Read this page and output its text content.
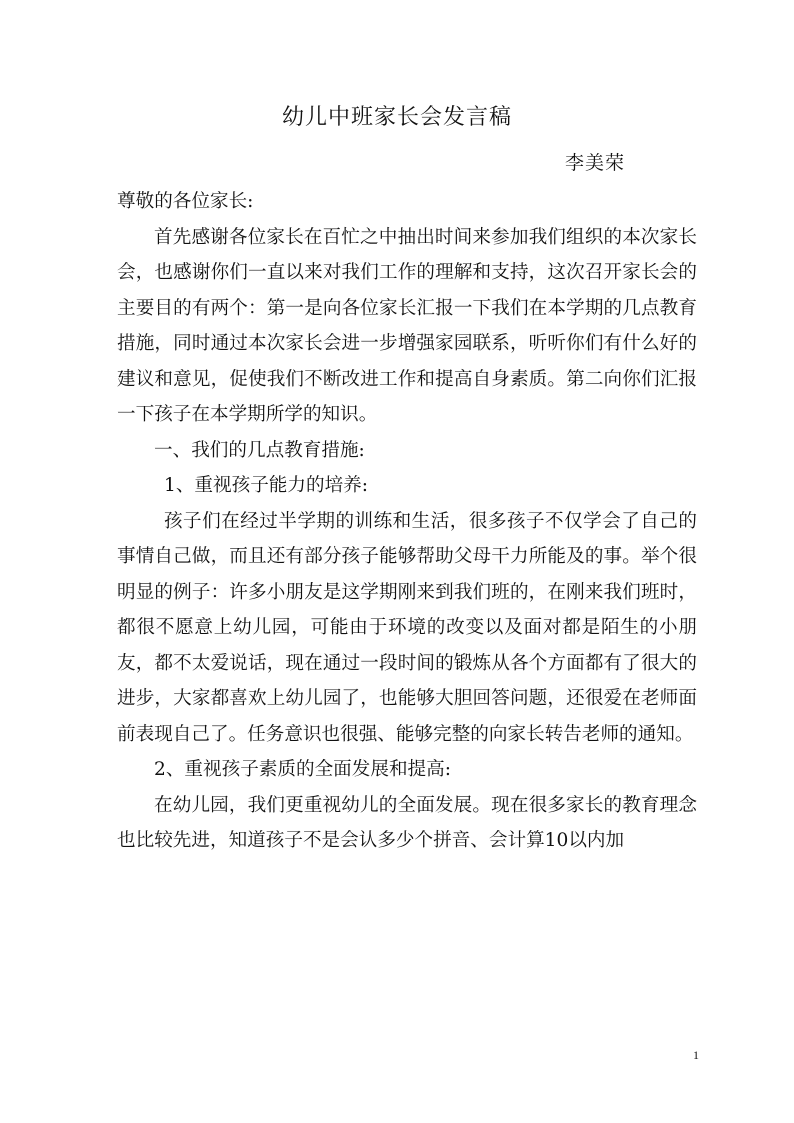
幼儿中班家长会发言稿
李美荣

尊敬的各位家长:

首先感谢各位家长在百忙之中抽出时间来参加我们组织的本次家长会，也感谢你们一直以来对我们工作的理解和支持，这次召开家长会的主要目的有两个：第一是向各位家长汇报一下我们在本学期的几点教育措施，同时通过本次家长会进一步增强家园联系，听听你们有什么好的建议和意见，促使我们不断改进工作和提高自身素质。第二向你们汇报一下孩子在本学期所学的知识。

一、我们的几点教育措施:

1、重视孩子能力的培养:

孩子们在经过半学期的训练和生活，很多孩子不仅学会了自己的事情自己做，而且还有部分孩子能够帮助父母干力所能及的事。举个很明显的例子：许多小朋友是这学期刚来到我们班的，在刚来我们班时，都很不愿意上幼儿园，可能由于环境的改变以及面对都是陌生的小朋友，都不太爱说话，现在通过一段时间的锻炼从各个方面都有了很大的进步，大家都喜欢上幼儿园了，也能够大胆回答问题，还很爱在老师面前表现自己了。任务意识也很强、能够完整的向家长转告老师的通知。

2、重视孩子素质的全面发展和提高:

在幼儿园，我们更重视幼儿的全面发展。现在很多家长的教育理念也比较先进，知道孩子不是会认多少个拼音、会计算10以内加

1
